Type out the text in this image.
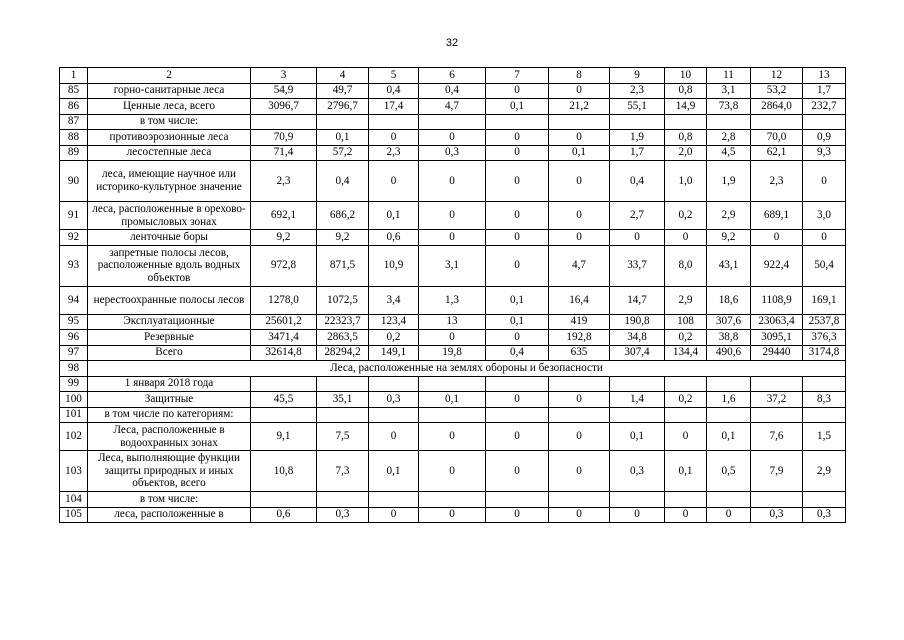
32
1	2	3	4	5	6	7	8	9	10	11	12	13
85	горно-санитарные леса	54,9	49,7	0,4	0,4	0	0	2,3	0,8	3,1	53,2	1,7
86	Ценные леса, всего	3096,7	2796,7	17,4	4,7	0,1	21,2	55,1	14,9	73,8	2864,0	232,7
87	в том числе:											
88	противоэрозионные леса	70,9	0,1	0	0	0	0	1,9	0,8	2,8	70,0	0,9
89	лесостепные леса	71,4	57,2	2,3	0,3	0	0,1	1,7	2,0	4,5	62,1	9,3
90	леса, имеющие научное или историко-культурное значение	2,3	0,4	0	0	0	0	0,4	1,0	1,9	2,3	0
91	леса, расположенные в орехово-промысловых зонах	692,1	686,2	0,1	0	0	0	2,7	0,2	2,9	689,1	3,0
92	ленточные боры	9,2	9,2	0,6	0	0	0	0	0	9,2	0	0
93	запретные полосы лесов, расположенные вдоль водных объектов	972,8	871,5	10,9	3,1	0	4,7	33,7	8,0	43,1	922,4	50,4
94	нерестоохранные полосы лесов	1278,0	1072,5	3,4	1,3	0,1	16,4	14,7	2,9	18,6	1108,9	169,1
95	Эксплуатационные	25601,2	22323,7	123,4	13	0,1	419	190,8	108	307,6	23063,4	2537,8
96	Резервные	3471,4	2863,5	0,2	0	0	192,8	34,8	0,2	38,8	3095,1	376,3
97	Всего	32614,8	28294,2	149,1	19,8	0,4	635	307,4	134,4	490,6	29440	3174,8
98	Леса, расположенные на землях обороны и безопасности											
99	1 января 2018 года											
100	Защитные	45,5	35,1	0,3	0,1	0	0	1,4	0,2	1,6	37,2	8,3
101	в том числе по категориям:											
102	Леса, расположенные в водоохранных зонах	9,1	7,5	0	0	0	0	0,1	0	0,1	7,6	1,5
103	Леса, выполняющие функции защиты природных и иных объектов, всего	10,8	7,3	0,1	0	0	0	0,3	0,1	0,5	7,9	2,9
104	в том числе:											
105	леса, расположенные в	0,6	0,3	0	0	0	0	0	0	0	0,3	0,3
